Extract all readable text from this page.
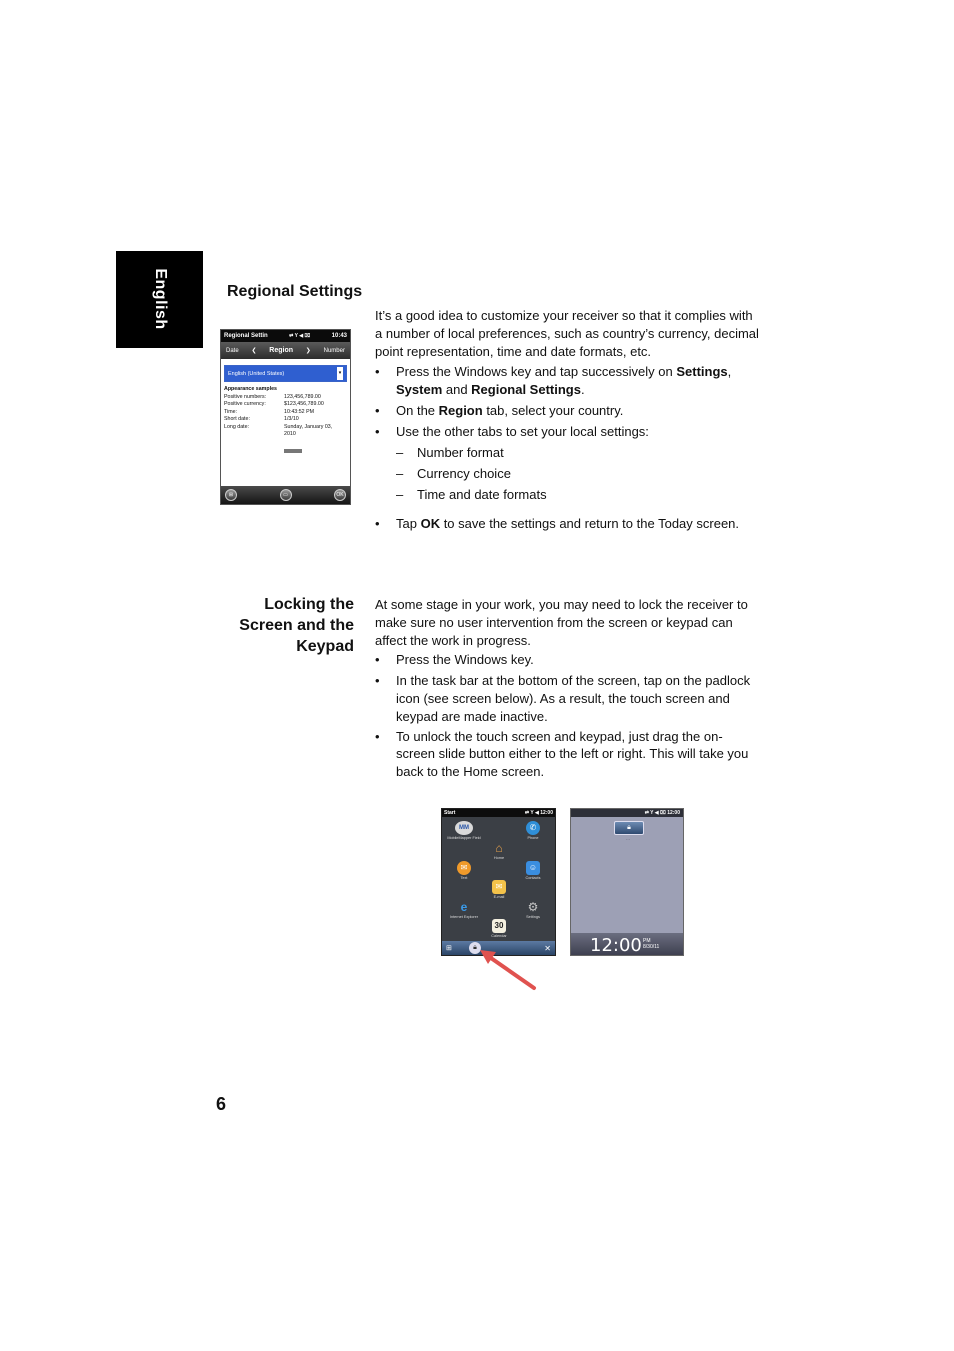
English	Regional Settings
It’s a good idea to customize your receiver so that it complies with a number of local preferences, such as country’s currency, decimal point representation, time and date formats, etc.
• Press the Windows key and tap successively on Settings, System and Regional Settings.
• On the Region tab, select your country.
• Use the other tabs to set your local settings:
– Number format
– Currency choice
– Time and date formats
• Tap OK to save the settings and return to the Today screen.
Regional Settin	⇄ Y ◀ ⌧	10:43
Date ❮ Region ❯ Number
English (United States)	▾
Appearance samples
Positive numbers:	123,456,789.00
Positive currency:	$123,456,789.00
Time:	10:43:52 PM
Short date:	1/3/10
Long date:	Sunday, January 03, 2010
⊞	▭	OK
Locking the
Screen and the
Keypad
At some stage in your work, you may need to lock the receiver to make sure no user intervention from the screen or keypad can affect the work in progress.
• Press the Windows key.
• In the task bar at the bottom of the screen, tap on the padlock icon (see screen below). As a result, the touch screen and keypad are made inactive.
• To unlock the touch screen and keypad, just drag the on-screen slide button either to the left or right. This will take you back to the Home screen.
Start	⇄ Y ◀ 12:00
MM
MobileMapper Field
✆
Phone
⌂
Home
✉
Text
☺
Contacts
✉
E-mail
e
Internet Explorer
⚙
Settings
30
Calendar
⊞	🔒︎	✕
⇄ Y ◀ ⌧ 12:00
🔒︎
⋯
12:00 PM
8/30/11
6
